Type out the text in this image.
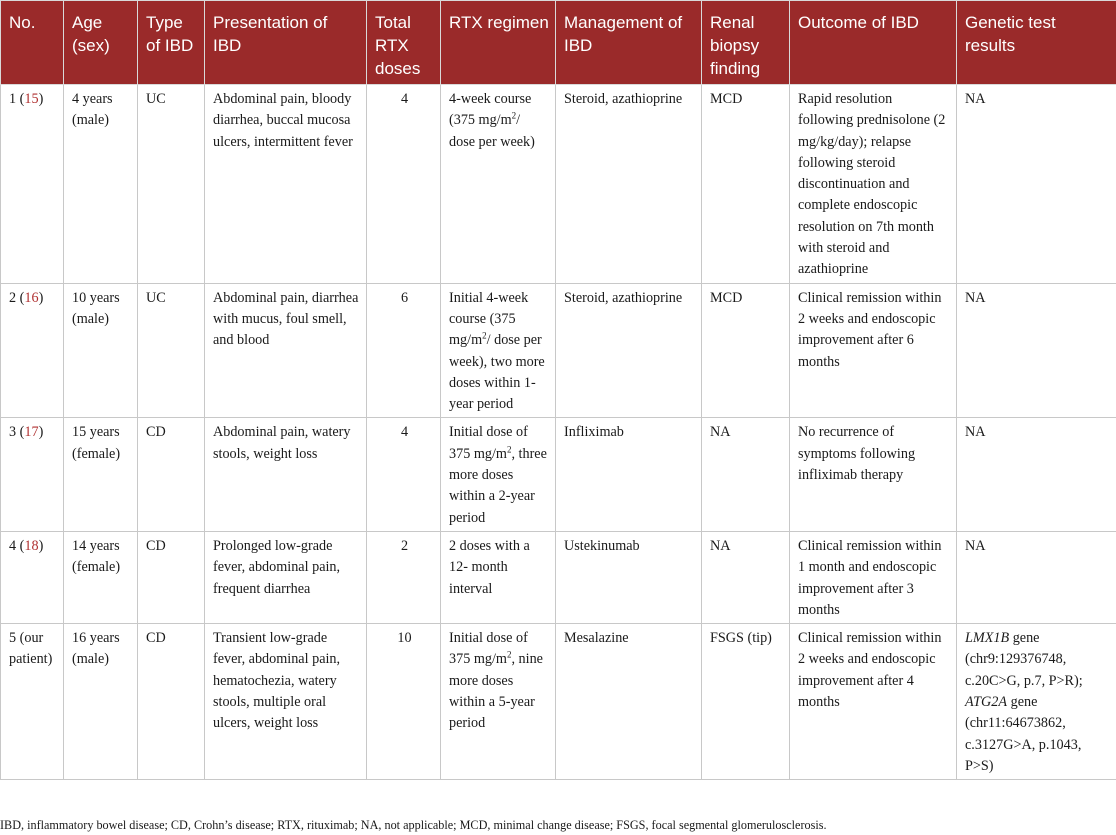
No.	Age (sex)	Type of IBD	Presentation of IBD	Total RTX doses	RTX regimen	Management of IBD	Renal biopsy finding	Outcome of IBD	Genetic test results
1 (15)	4 years (male)	UC	Abdominal pain, bloody diarrhea, buccal mucosa ulcers, intermittent fever	4	4-week course (375 $mg/m^2/$ dose per week)	Steroid, azathioprine	MCD	Rapid resolution following prednisolone (2 mg/kg/day); relapse following steroid discontinuation and complete endoscopic resolution on 7th month with steroid and azathioprine	NA
2 (16)	10 years (male)	UC	Abdominal pain, diarrhea with mucus, foul smell, and blood	6	Initial 4-week course (375 $mg/m^2/$ dose per week), two more doses within 1-year period	Steroid, azathioprine	MCD	Clinical remission within 2 weeks and endoscopic improvement after 6 months	NA
3 (17)	15 years (female)	CD	Abdominal pain, watery stools, weight loss	4	Initial dose of 375 $mg/m^2$, three more doses within a 2-year period	Infliximab	NA	No recurrence of symptoms following infliximab therapy	NA
4 (18)	14 years (female)	CD	Prolonged low-grade fever, abdominal pain, frequent diarrhea	2	2 doses with a 12- month interval	Ustekinumab	NA	Clinical remission within 1 month and endoscopic improvement after 3 months	NA
5 (our patient)	16 years (male)	CD	Transient low-grade fever, abdominal pain, hematochezia, watery stools, multiple oral ulcers, weight loss	10	Initial dose of 375 $mg/m^2$, nine more doses within a 5-year period	Mesalazine	FSGS (tip)	Clinical remission within 2 weeks and endoscopic improvement after 4 months	LMX1B gene (chr9:129376748, c.20C>G, p.7, P>R); ATG2A gene (chr11:64673862, c.3127G>A, p.1043, P>S)
IBD, inflammatory bowel disease; CD, Crohn’s disease; RTX, rituximab; NA, not applicable; MCD, minimal change disease; FSGS, focal segmental glomerulosclerosis.
